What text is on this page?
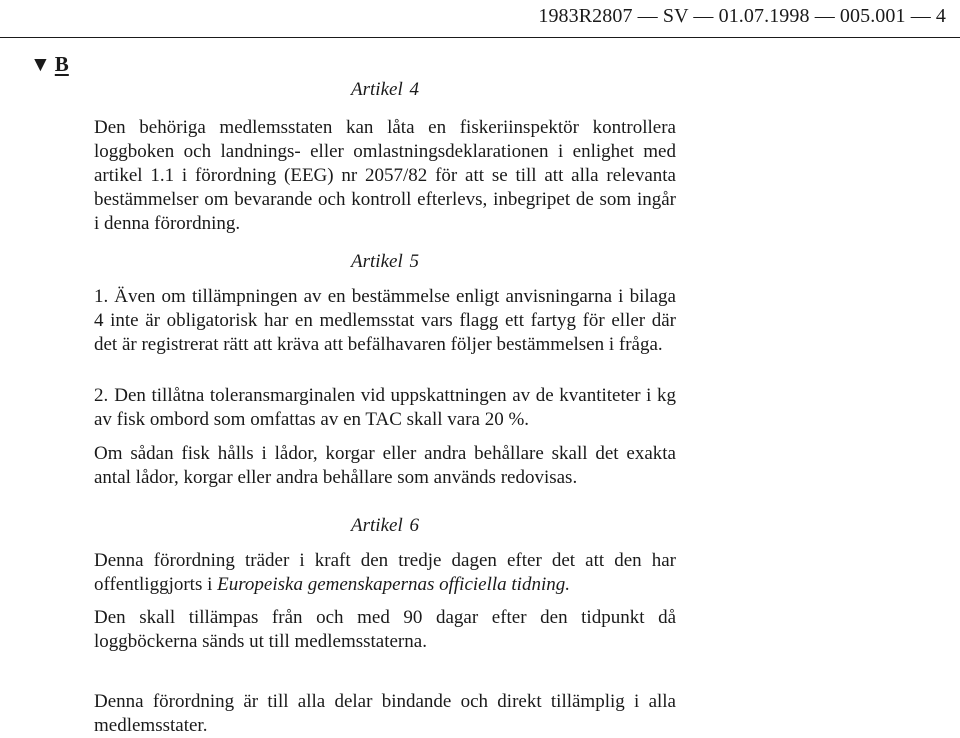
1983R2807 — SV — 01.07.1998 — 005.001 — 4
▼ B
Artikel 4
Den behöriga medlemsstaten kan låta en fiskeriinspektör kontrollera loggboken och landnings- eller omlastningsdeklarationen i enlighet med artikel 1.1 i förordning (EEG) nr 2057/82 för att se till att alla relevanta bestämmelser om bevarande och kontroll efterlevs, inbegripet de som ingår i denna förordning.
Artikel 5
1. Även om tillämpningen av en bestämmelse enligt anvisningarna i bilaga 4 inte är obligatorisk har en medlemsstat vars flagg ett fartyg för eller där det är registrerat rätt att kräva att befälhavaren följer bestämmelsen i fråga.
2. Den tillåtna toleransmarginalen vid uppskattningen av de kvantiteter i kg av fisk ombord som omfattas av en TAC skall vara 20 %.
Om sådan fisk hålls i lådor, korgar eller andra behållare skall det exakta antal lådor, korgar eller andra behållare som används redovisas.
Artikel 6
Denna förordning träder i kraft den tredje dagen efter det att den har offentliggjorts i Europeiska gemenskapernas officiella tidning.
Den skall tillämpas från och med 90 dagar efter den tidpunkt då loggböckerna sänds ut till medlemsstaterna.
Denna förordning är till alla delar bindande och direkt tillämplig i alla medlemsstater.
